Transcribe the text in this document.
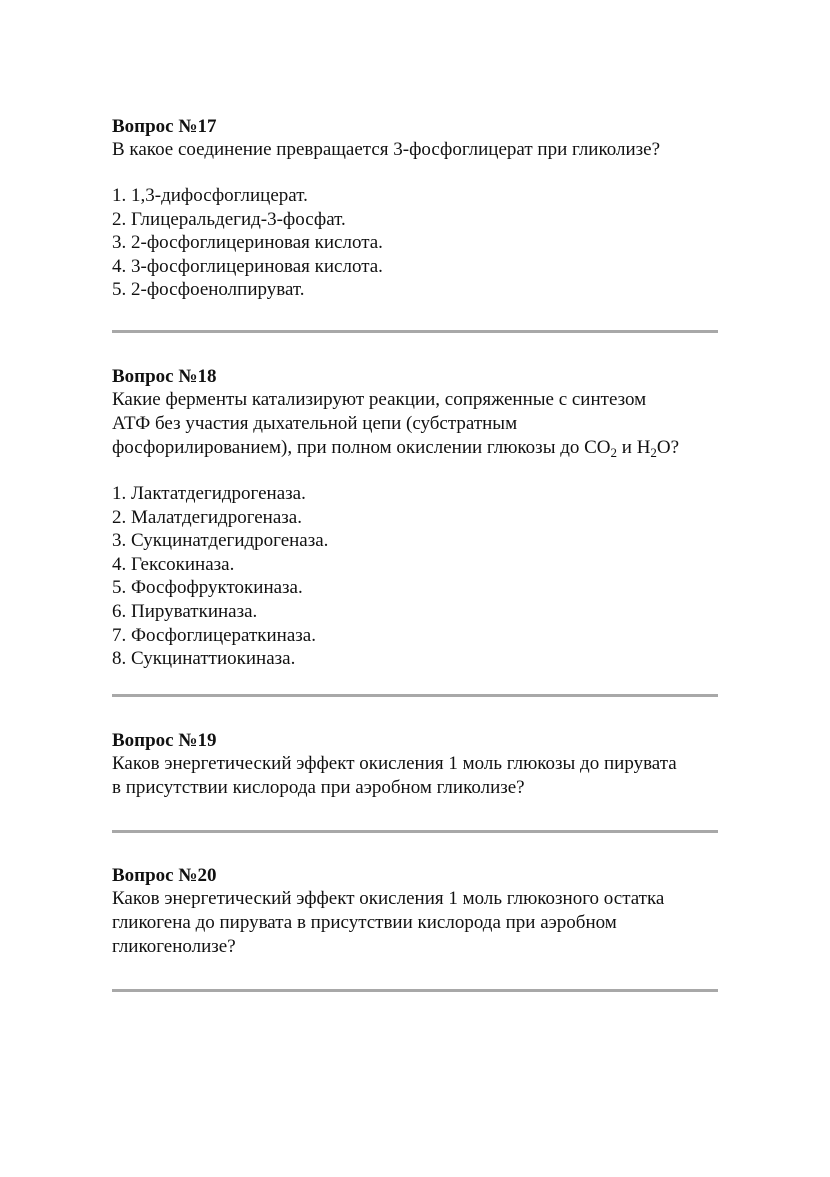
Вопрос №17

В какое соединение превращается 3-фосфоглицерат при гликолизе?

1. 1,3-дифосфоглицерат.
2. Глицеральдегид-3-фосфат.
3. 2-фосфоглицериновая кислота.
4. 3-фосфоглицериновая кислота.
5. 2-фосфоенолпируват.

Вопрос №18

Какие ферменты катализируют реакции, сопряженные с синтезом

АТФ без участия дыхательной цепи (субстратным

фосфорилированием), при полном окислении глюкозы до $CO_2$ и $H_2O$?

1. Лактатдегидрогеназа.
2. Малатдегидрогеназа.
3. Сукцинатдегидрогеназа.
4. Гексокиназа.
5. Фосфофруктокиназа.
6. Пируваткиназа.
7. Фосфоглицераткиназа.
8. Сукцинаттиокиназа.

Вопрос №19

Каков энергетический эффект окисления 1 моль глюкозы до пирувата

в присутствии кислорода при аэробном гликолизе?

Вопрос №20

Каков энергетический эффект окисления 1 моль глюкозного остатка

гликогена до пирувата в присутствии кислорода при аэробном

гликогенолизе?
